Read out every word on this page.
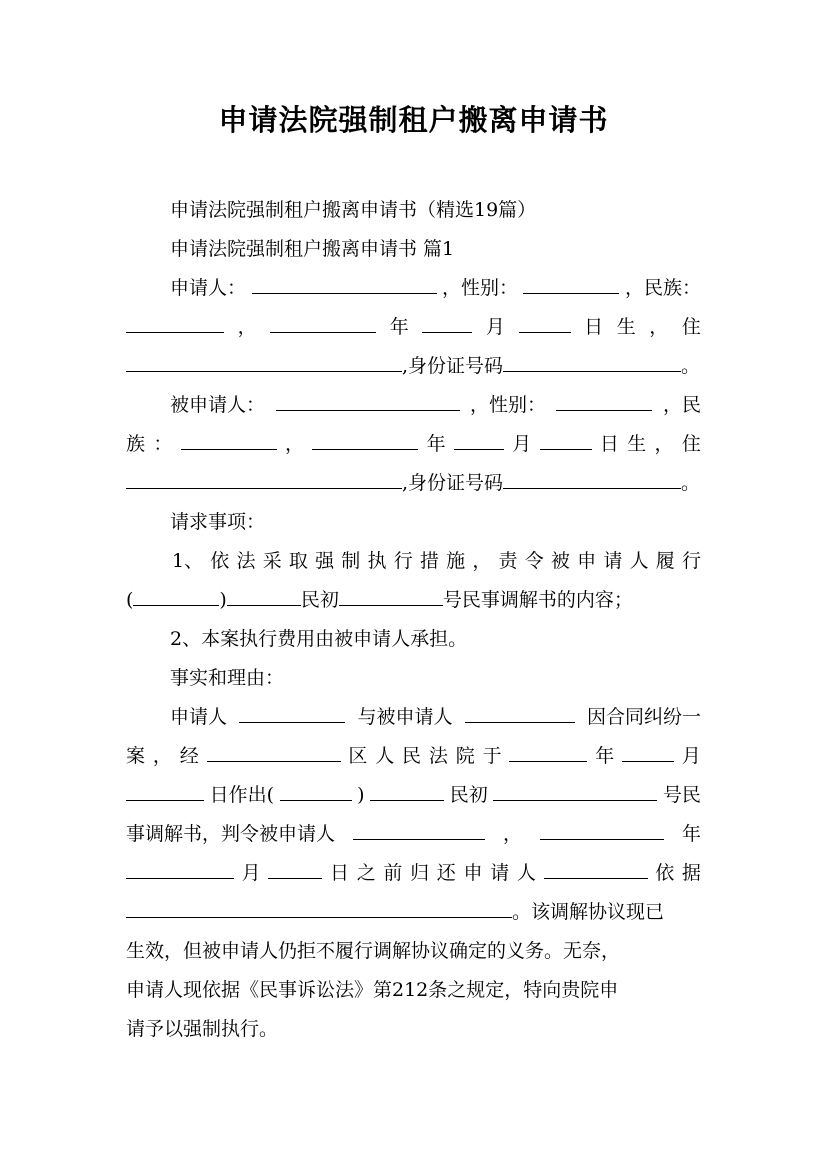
申请法院强制租户搬离申请书
申请法院强制租户搬离申请书（精选19篇）
申请法院强制租户搬离申请书 篇1
申请人：	，性别：	，民族：
，	年	月	日 生 ， 住
,身份证号码	。
被申请人：	，性别：	，民
族 ：	，	年	月	日 生 ， 住
,身份证号码	。
请求事项：
1、 依 法 采 取 强 制 执 行 措 施 ， 责 令 被 申 请 人 履 行
(	)	民初	号民事调解书的内容；
2、本案执行费用由被申请人承担。
事实和理由：
申请人	与被申请人	因合同纠纷一
案 ， 经	区 人 民 法 院 于	年	月
日作出(	)	民初	号民
事调解书，判令被申请人	，	年
月	日 之 前 归 还 申 请 人	依 据
。该调解协议现已
生效，但被申请人仍拒不履行调解协议确定的义务。无奈，
申请人现依据《民事诉讼法》第212条之规定，特向贵院申
请予以强制执行。
